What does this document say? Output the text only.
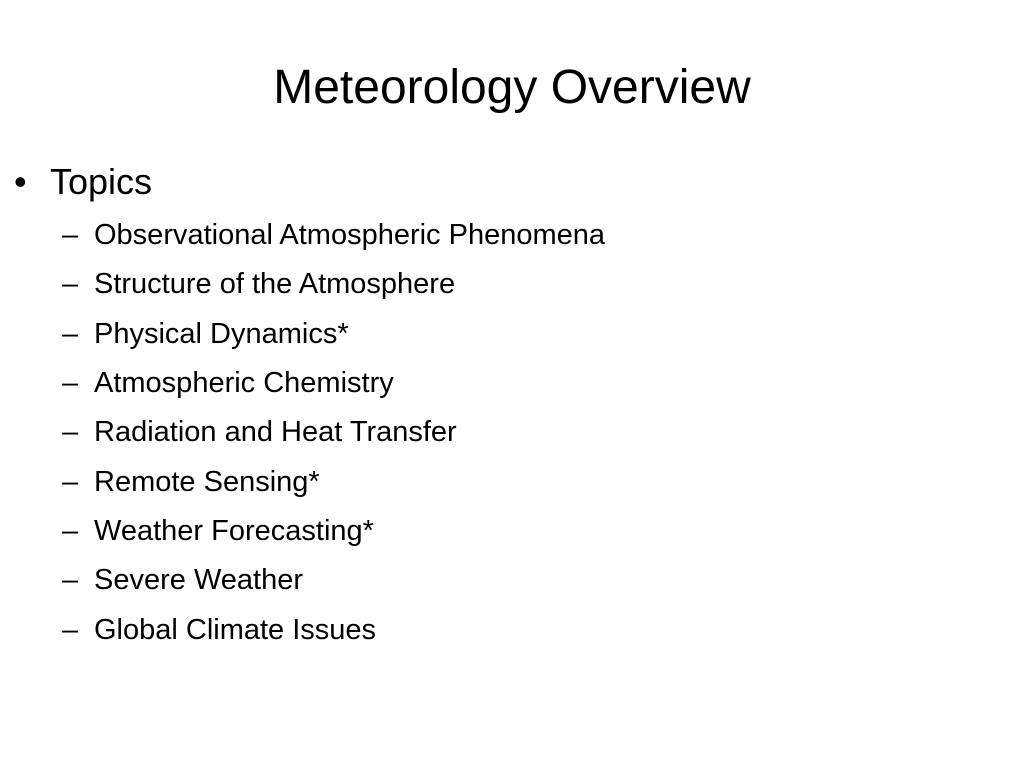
Meteorology Overview
• Topics
– Observational Atmospheric Phenomena
– Structure of the Atmosphere
– Physical Dynamics*
– Atmospheric Chemistry
– Radiation and Heat Transfer
– Remote Sensing*
– Weather Forecasting*
– Severe Weather
– Global Climate Issues
